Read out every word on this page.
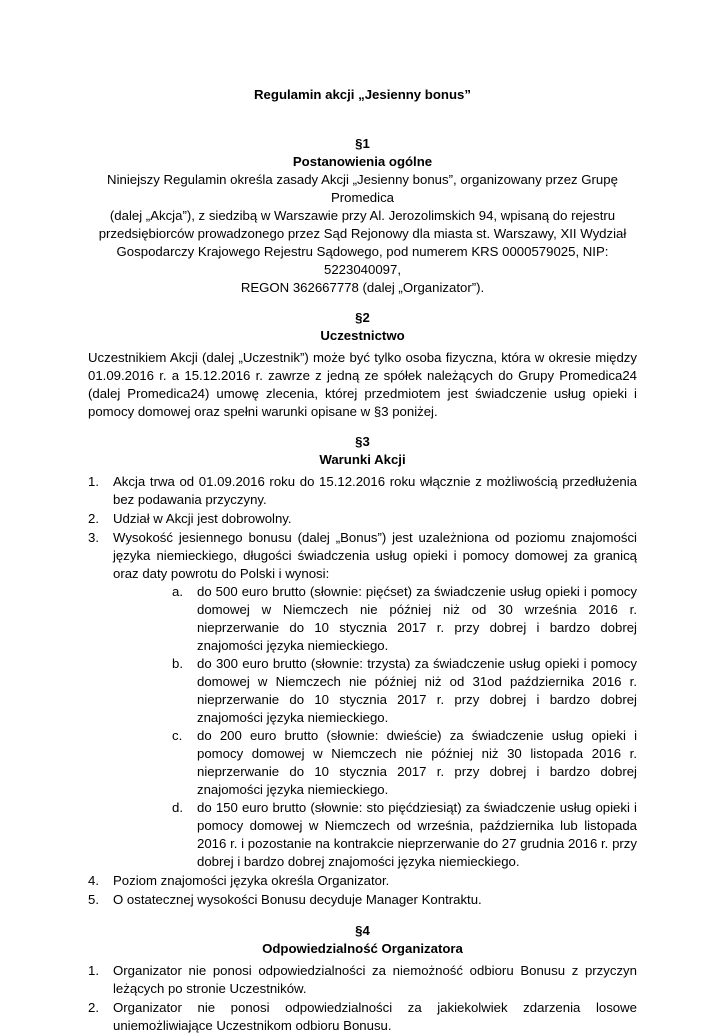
Regulamin akcji „Jesienny bonus”

§1

Postanowienia ogólne

Niniejszy Regulamin określa zasady Akcji „Jesienny bonus”, organizowany przez Grupę Promedica

(dalej „Akcja”), z siedzibą w Warszawie przy Al. Jerozolimskich 94, wpisaną do rejestru

przedsiębiorców prowadzonego przez Sąd Rejonowy dla miasta st. Warszawy, XII Wydział

Gospodarczy Krajowego Rejestru Sądowego, pod numerem KRS 0000579025, NIP: 5223040097,

REGON 362667778 (dalej „Organizator”).

§2

Uczestnictwo

Uczestnikiem Akcji (dalej „Uczestnik”) może być tylko osoba fizyczna, która w okresie między 01.09.2016 r. a 15.12.2016 r. zawrze z jedną ze spółek należących do Grupy Promedica24 (dalej Promedica24) umowę zlecenia, której przedmiotem jest świadczenie usług opieki i pomocy domowej oraz spełni warunki opisane w §3 poniżej.

§3

Warunki Akcji

1. Akcja trwa od 01.09.2016 roku do 15.12.2016 roku włącznie z możliwością przedłużenia bez podawania przyczyny.
2. Udział w Akcji jest dobrowolny.
3. Wysokość jesiennego bonusu (dalej „Bonus”) jest uzależniona od poziomu znajomości języka niemieckiego, długości świadczenia usług opieki i pomocy domowej za granicą oraz daty powrotu do Polski i wynosi:
a. do 500 euro brutto (słownie: pięćset) za świadczenie usług opieki i pomocy domowej w Niemczech nie później niż od 30 września 2016 r. nieprzerwanie do 10 stycznia 2017 r. przy dobrej i bardzo dobrej znajomości języka niemieckiego.
b. do 300 euro brutto (słownie: trzysta) za świadczenie usług opieki i pomocy domowej w Niemczech nie później niż od 31od października 2016 r. nieprzerwanie do 10 stycznia 2017 r. przy dobrej i bardzo dobrej znajomości języka niemieckiego.
c. do 200 euro brutto (słownie: dwieście) za świadczenie usług opieki i pomocy domowej w Niemczech nie później niż 30 listopada 2016 r. nieprzerwanie do 10 stycznia 2017 r. przy dobrej i bardzo dobrej znajomości języka niemieckiego.
d. do 150 euro brutto (słownie: sto pięćdziesiąt) za świadczenie usług opieki i pomocy domowej w Niemczech od września, października lub listopada 2016 r. i pozostanie na kontrakcie nieprzerwanie do 27 grudnia 2016 r. przy dobrej i bardzo dobrej znajomości języka niemieckiego.
4. Poziom znajomości języka określa Organizator.
5. O ostatecznej wysokości Bonusu decyduje Manager Kontraktu.

§4

Odpowiedzialność Organizatora

1. Organizator nie ponosi odpowiedzialności za niemożność odbioru Bonusu z przyczyn leżących po stronie Uczestników.
2. Organizator nie ponosi odpowiedzialności za jakiekolwiek zdarzenia losowe uniemożliwiające Uczestnikom odbioru Bonusu.
